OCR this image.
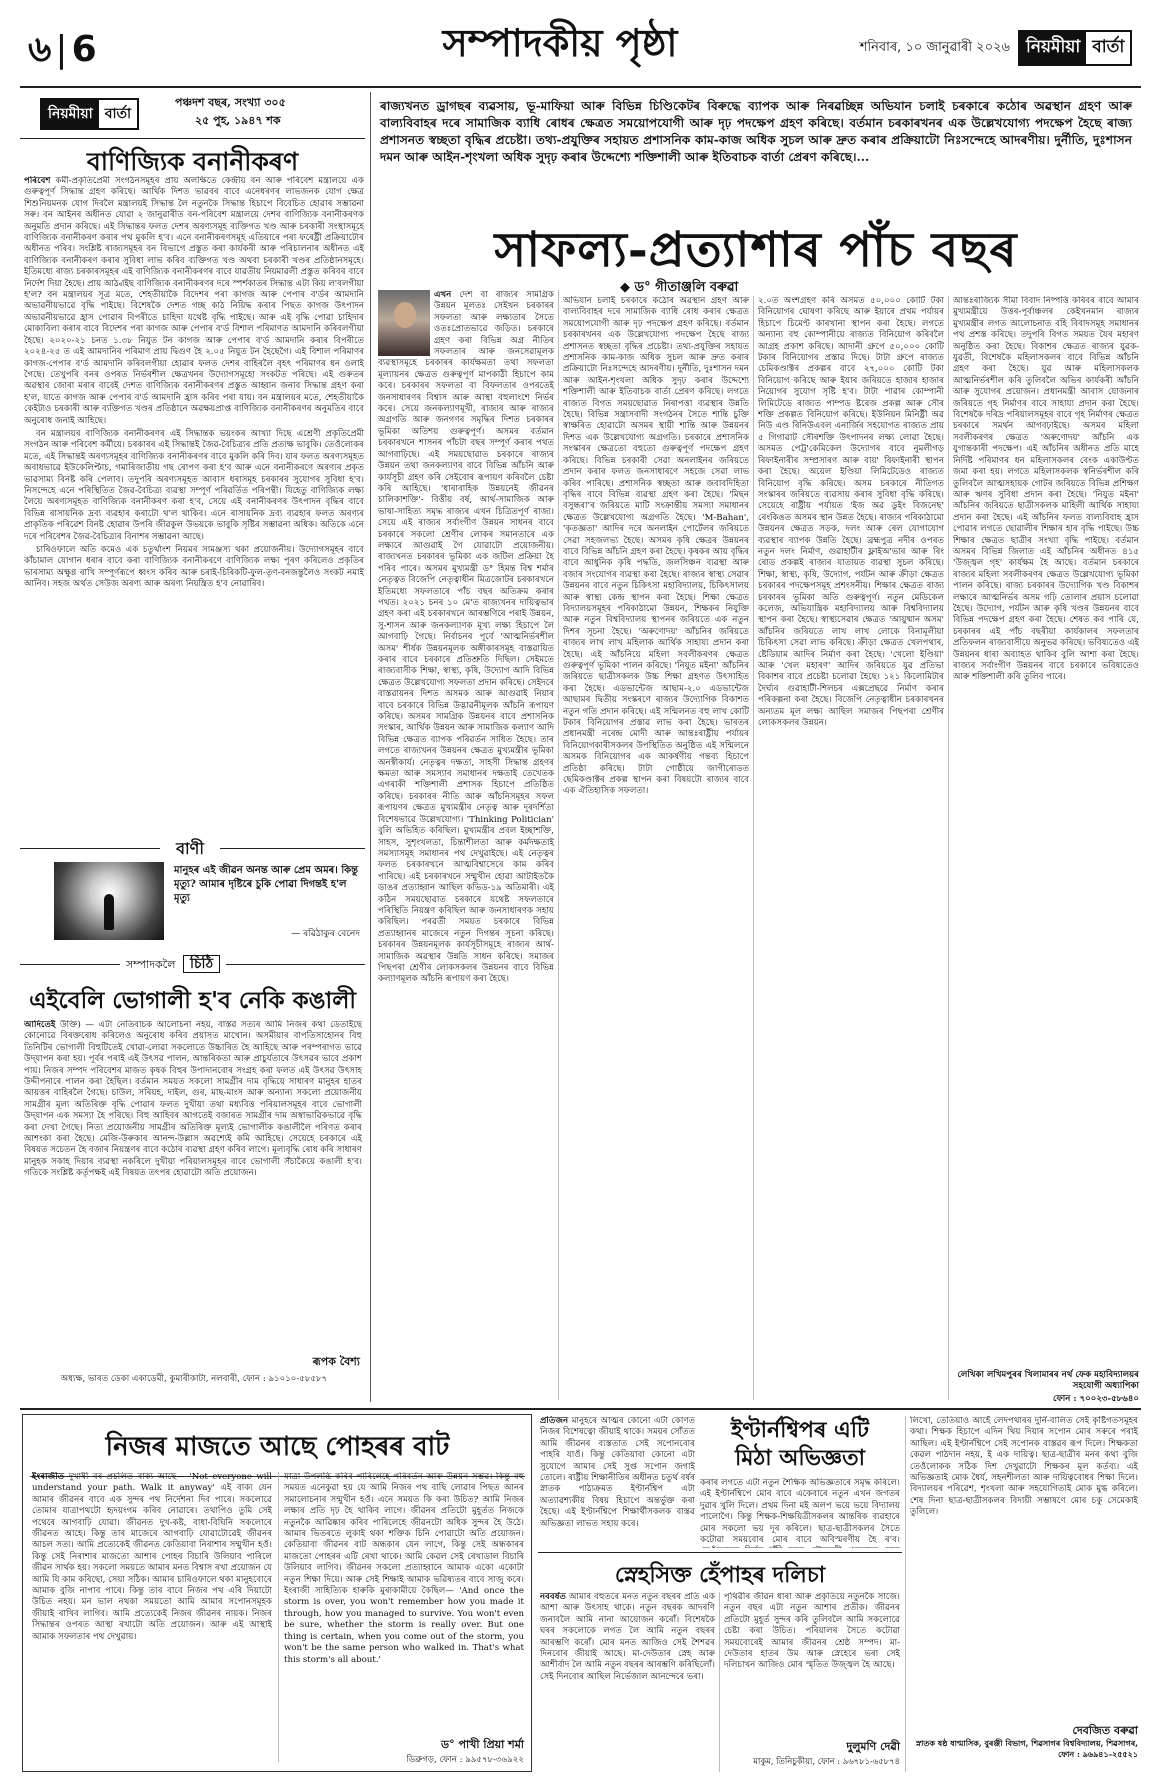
৬ | 6	সম্পাদকীয় পৃষ্ঠা	শনিবাৰ, ১০ জানুৱাৰী ২০২৬ নিয়মীয়া বাৰ্তা
নিয়মীয়া বাৰ্তা
পঞ্চদশ বছৰ, সংখ্যা ৩০৫
২৫ পুহ, ১৯৪৭ শক
বাণিজ্যিক বনানীকৰণ

পৰিবেশ কৰ্মী-প্ৰকৃতিপ্ৰেমী সংগঠনসমূহৰ প্ৰায় অলক্ষিতে কেন্দ্ৰীয় বন আৰু পৰিবেশ মন্ত্ৰালয়ে এক গুৰুত্বপূৰ্ণ সিদ্ধান্ত গ্ৰহণ কৰিছে। আৰ্থিক দিশত ভাৱবৰ বাবে এনেধৰণৰ লাভজনক যোগ ক্ষেত্ৰ শিশুনিয়মনক যোগ দিবলৈ মন্ত্ৰালয়ই সিদ্ধান্ত লৈ নতুনকৈ সিদ্ধান্ত হিচাপে বিবেচিত হোৱাৰ সম্ভাৱনা সৰু। বন আইনৰ অধীনত যোৱা ২ জানুৱাৰীত বন-পৰিবেশ মন্ত্ৰালয়ে দেশৰ বাণিজ্যিক বনানীকৰণক অনুমতি প্ৰদান কৰিছে। এই সিদ্ধান্তৰ ফলত দেশৰ অৰণ্যসমূহ ব্যক্তিগত খণ্ড আৰু চৰকাৰী সংস্থাসমূহে বাণিজ্যিক বনানীকৰণ কৰাৰ পথ মুকলি হ'ব। এনে বনানীকৰণসমূহ এতিয়াৰে পৰা ফৰেষ্ট্ৰী প্ৰক্ৰিয়াটোৰ অধীনত পৰিব। সংশ্লিষ্ট ৰাজ্যসমূহৰ বন বিভাগে প্ৰস্তুত কৰা কাৰ্যকৰী আৰু পৰিচালনাৰ অধীনত এই বাণিজ্যিক বনানীকৰণ কৰাৰ সুবিধা লাভ কৰিব ব্যক্তিগত খণ্ড অথবা চৰকাৰী খণ্ডৰ প্ৰতিষ্ঠানসমূহে। ইতিমধ্যে ৰাজ্য চৰকাৰসমূহৰ এই বাণিজ্যিক বনানীকৰণৰ বাবে যাৱতীয় নিয়মাৱলী প্ৰস্তুত কৰিবৰ বাবে নিৰ্দেশ দিয়া হৈছে। প্ৰায় আঠ্বাইছ বাণিজ্যিক বনানীকৰণৰ দৰে স্পৰ্শকাতৰ সিদ্ধান্ত এটা কিয় ল'বলগীয়া হ'ল? বন মন্ত্ৰালয়ৰ সূত্ৰ মতে, শেহতীয়াকৈ বিদেশৰ পৰা কাগজ আৰু পেপাৰ ব'ৰ্ডৰ আমদানি অভাৱনীয়ভাৱে বৃদ্ধি পাইছে। বিশেষকৈ দেশত গচ্ছ কাঠ নিয়িদ্ধ কৰাৰ পিছত কাগজ উৎপাদন অভাৱনীয়ভাৱে হ্ৰাস পোৱাৰ বিপৰীতে চাহিদা যথেষ্ট বৃদ্ধি পাইছে। আৰু এই বৃদ্ধি পোৱা চাহিদাৰ মোকাবিলা কৰাৰ বাবে বিদেশৰ পৰা কাগজ আৰু পেপাৰ ব'ৰ্ড বিশাল পৰিমাণত আমদানি কৰিবলগীয়া হৈছে। ২০২০-২১ চনত ১.৩৮ নিযুত টন কাগজ আৰু পেপাৰ ব'ৰ্ড আমদানি কৰাৰ বিপৰীতে ২০২৪-২৫ ত এই আমদানিৰ পৰিমাণ প্ৰায় দ্বিগুণ হৈ ২.০৫ নিযুত টন হৈছেগৈ। এই বিশাল পৰিমাণৰ কাগজ-পেপাৰ ব'ৰ্ড আমদানি কৰিবলগীয়া হোৱাৰ ফলত দেশৰ বাহিৰলৈ বৃহৎ পৰিমাণৰ ধন ওলাই গৈছে। তেখুপৰি বনৰ ওপৰত নিৰ্ভৰশীল ক্ষেত্ৰখনৰ উদ্যোগসমূহো সংকটত পৰিছে। এই গুৰুতৰ অৱস্থাৰ জোৰা মৰাৰ বাবেই দেশত বাণিজ্যিক বনানীকৰণৰ প্ৰস্তুত আহ্বান জনাব সিদ্ধান্ত গ্ৰহণ কৰা হ'ল, যাতে কাগজ আৰু পেপাৰ ব'ৰ্ড আমদানি হ্ৰাস কৰিব পৰা যায়। বন মন্ত্ৰালয়ৰ মতে, শেহতীয়াকৈ কেইটাও চৰকাৰী আৰু ব্যক্তিগত খণ্ডৰ প্ৰতিষ্ঠানে অৱক্ষয়প্ৰাপ্ত বাণিজ্যিক বনানীকৰণৰ অনুমতিৰ বাবে অনুৰোধ জনাই আহিছে।

বন মন্ত্ৰালয়ৰ বাণিজ্যিক বনানীকৰণৰ এই সিদ্ধান্তক ভয়ংকৰ আখ্যা দিছে এশ্ৰেণী প্ৰকৃতিপ্ৰেমী সংগঠন আৰু পৰিবেশ কৰ্মীয়ে। চৰকাৰৰ এই সিদ্ধান্তই জৈৱ-বৈচিত্ৰ্যৰ প্ৰতি প্ৰত্যক্ষ ভাবুকি। তেওঁলোকৰ মতে, এই সিদ্ধান্তই অৰণ্যসমূহৰ বাণিজ্যিক বনানীকৰণৰ বাবে মুকলি কৰি দিব। যাৰ ফলত অৰণ্যসমূহত অবাধভাৱে ইউকেলিপ্টাচ, গমাৰিজাতীয় গছ ৰোপণ কৰা হ'ব আৰু এনে বনানীকৰণে অৰণ্যৰ প্ৰকৃত ভাৱসাম্য বিনষ্ট কৰি পেলাব। তদুপৰি অৰণ্যসমূহত আবাস ধৰাসমূহ চৰকাৰৰ সুযোগৰ সুবিধা হ'ব। নিসন্দেহে এনে পৰিস্থিতিত জৈৱ-বৈচিত্ৰ্য ব্যৱস্থা সম্পূৰ্ণ পৰিৱৰ্তিত পৰিপন্থী। যিহেতু বাণিজ্যিক লক্ষ্য লৈয়ে অৰণ্যসমূহত বাণিজ্যিক বনানীকৰণ কৰা হ'ব, সেয়ে এই বনানীকৰণৰ উৎপাদন বৃদ্ধিৰ বাবে বিভিন্ন ৰাসায়নিক দ্ৰব্য ব্যৱহাৰ কৰাটো থ'ল থাকিব। এনে ৰাসায়নিক দ্ৰব্য ব্যৱহাৰ ফলত অৰণ্যৰ প্ৰাকৃতিক পৰিৱেশ বিনষ্ট হোৱাৰ উপৰি জীৱকুল উভয়কে ভাবুকি সৃষ্টিৰ সম্ভাৱনা অধিক। অতিকে এনে দৰে পৰিবেশৰ জৈৱ-বৈচিত্ৰ্যৰ বিনাশৰ সম্ভাৱনা আছে।

চাৰিওফালে অতি কমেও এক চতুৰ্থাংশ নিয়মৰ সামঞ্জস্য থকা প্ৰয়োজনীয়। উদ্যোগসমূহৰ বাবে কাঁচামাল যোগান ধৰাৰ বাবে কৰা বাণিজ্যিক বনানীকৰণে বাণিজ্যিক লক্ষ্য পূৰণ কৰিলেও প্ৰকৃতিৰ ভাৰসাম্য অক্ষুণ্ণ ৰাখি সম্পূৰ্ণৰূপে ধ্বংস কৰিব আৰু চৰাই-চিৰিকটি-ফুল-তৃণ-বনজন্তুলৈও সংকট নমাই আনিব। সহজ অৰ্থত সেউজ অৰণ্য আৰু অৰণ্য নিয়ন্ত্ৰিত হ'ব নোৱাৰিব।

বাণী
মানুহৰ এই জীৱন অনন্ত আৰু প্ৰেম অমৰ। কিন্তু মৃত্যু? আমাৰ দৃষ্টিৰে চুকি পোৱা দিগন্তই হ'ল মৃত্যু
— ৰৱিঠাকুৰ বেনেদ
সম্পাদকলৈ চিঠি
এইবেলি ভোগালী হ'ব নেকি কঙালী

আদিতেই উক্তি) — এটা নেতিবাচক আলোচনা নহয়, বাস্তৱ সত্যৰ আমি নিজৰ কথা ডেতাইছে কোনোৱে বিৰক্তৰোধ কৰিলেও অনুৰোধ কৰিব প্ৰয়াসত মাখোন। অসমীয়াৰ বাপতিসাহোনৰ বিহু তিনিটিৰ ভোগালী বিহুটিতেই খোৱা-লোৱা সকলোতে উচ্চাৰিত হৈ আহিছে আৰু পৰম্পৰাগত ভাৱে উদ্‌যাপন কৰা হয়। পূৰ্বৰ পৰাই এই উৎসৱ পালন, আন্তৰিকতা আৰু প্ৰাচুৰ্যতাৰে উৎসৱৰ ভাবে প্ৰকাশ পায়। নিজৰ সম্পদ পৰিবেশৰ মাজত কৃষক বিহুৰ উপাদানবোৰ সংগ্ৰহ কৰা ফলত এই উৎসৱ উৎসাহ উদ্দীপনাৰে পালন কৰা হৈছিল। বৰ্তমান সময়ত সকলো সামগ্ৰীৰ দাম বৃদ্ধিয়ে সাধাৰণ মানুহৰ হাতৰ আয়ত্তৰ বাহিৰলৈ গৈছে। চাউল, সৰিয়হ, দাইল, গুৰ, মাছ-মাংস আৰু অন্যান্য সকলো প্ৰয়োজনীয় সামগ্ৰীৰ মূল্য অতিৰিক্ত বৃদ্ধি পোৱাৰ ফলত দুখীয়া তথা মধ্যবিত্ত পৰিয়ালসমূহৰ বাবে ভোগালী উদ্‌যাপন এক সমস্যা হৈ পৰিছে। বিহু আহিবৰ আগতেই বজাৰত সামগ্ৰীৰ দাম অস্বাভাৱিকভাৱে বৃদ্ধি কৰা দেখা গৈছে। নিত্য প্ৰয়োজনীয় সামগ্ৰীৰ অতিৰিক্ত মূল্যই ভোগালীক কঙালীলৈ পৰিণত কৰাৰ আশংকা কৰা হৈছে। মেজি-উৰুকাৰ আনন্দ-উল্লাস অৱশ্যেই কমি আহিছে। সেয়েহে চৰকাৰে এই বিষয়ত সচেতন হৈ বজাৰ নিয়ন্ত্ৰণৰ বাবে কঠোৰ ব্যৱস্থা গ্ৰহণ কৰিব লাগে। মূল্যবৃদ্ধি ৰোধ কৰি সাধাৰণ মানুহক সকাহ দিয়াৰ ব্যৱস্থা নকৰিলে দুখীয়া পৰিয়ালসমূহৰ বাবে ভোগালী সঁচাকৈয়ে কঙালী হ'ব। গতিকে সংশ্লিষ্ট কৰ্তৃপক্ষই এই বিষয়ত তৎপৰ হোৱাটো অতি প্ৰয়োজন।

ৰূপক বৈশ্য
অধ্যক্ষ, ভাৰত ডেকা একাডেমী, কুমাৰীকাটা, নলবাৰী, ফোন : ৯১০১০-৫৮৫৮৭
ৰাজ্যখনত ড্ৰাগছৰ ব্যৱসায়, ভূ-মাফিয়া আৰু বিভিন্ন চিণ্ডিকেটৰ বিৰুদ্ধে ব্যাপক আৰু নিৰৱচ্ছিন্ন অভিযান চলাই চৰকাৰে কঠোৰ অৱস্থান গ্ৰহণ আৰু বাল্যবিবাহৰ দৰে সামাজিক ব্যাধি ৰোধৰ ক্ষেত্ৰত সময়োপযোগী আৰু দৃঢ় পদক্ষেপ গ্ৰহণ কৰিছে। বৰ্তমান চৰকাৰখনৰ এক উল্লেখযোগ্য পদক্ষেপ হৈছে ৰাজ্য প্ৰশাসনত স্বচ্ছতা বৃদ্ধিৰ প্ৰচেষ্টা। তথ্য-প্ৰযুক্তিৰ সহায়ত প্ৰশাসনিক কাম-কাজ অধিক সুচল আৰু দ্ৰুত কৰাৰ প্ৰক্ৰিয়াটো নিঃসন্দেহে আদৰণীয়। দুৰ্নীতি, দুঃশাসন দমন আৰু আইন-শৃংখলা অধিক সুদৃঢ় কৰাৰ উদ্দেশ্যে শক্তিশালী আৰু ইতিবাচক বাৰ্তা প্ৰেৰণ কৰিছে।...
সাফল্য-প্ৰত্যাশাৰ পাঁচ বছৰ
◆ ড° গীতাঞ্জলি বৰুৱা

এখন দেশ বা ৰাজ্যৰ সামগ্ৰিক উন্নয়ন মূলতঃ সেইখন চৰকাৰৰ সফলতা আৰু লক্ষ্যতাৰ সৈতে ওতঃপ্ৰোতভাৱে জড়িত। চৰকাৰে গ্ৰহণ কৰা বিভিন্ন অগ্ৰ নীতিৰ সফলতাৰ আৰু জনসেৱামূলক ব্যৱস্থাসমূহে চৰকাৰৰ কাৰ্যক্ষমতা তথা সফলতা মূল্যায়নৰ ক্ষেত্ৰত গুৰুত্বপূৰ্ণ মাপকাঠী হিচাপে কাম কৰে। চৰকাৰৰ সফলতা বা বিফলতাৰ ওপৰতেই জনসাধাৰণৰ বিশ্বাস আৰু আস্থা বহুলাংশে নিৰ্ভৰ কৰে। সেয়ে জনকল্যাণমূখী, ৰাজ্যৰ আৰু ৰাজ্যৰ অগ্ৰগতি আৰু জনগণৰ সমৃদ্ধিৰ দিশত চৰকাৰৰ ভূমিকা অতিশয় গুৰুত্বপূৰ্ণ। অসমৰ বৰ্তমান চৰকাৰখনে শাসনৰ পাঁচটা বছৰ সম্পূৰ্ণ কৰাৰ পথত আগবাঢ়িছে। এই সময়ছোৱাত চৰকাৰে ৰাজ্যৰ উন্নয়ন তথা জনকল্যাণৰ বাবে বিভিন্ন আঁচনি আৰু কাৰ্যসূচী গ্ৰহণ কৰি সেইবোৰ ৰূপায়ণ কৰিবলৈ চেষ্টা কৰি আহিছে। 'ধাৰাবাহিক উন্নয়নেই জীৱনৰ চালিকাশক্তি'- বিত্তীয় বৰ্ষ, আৰ্থ-সামাজিক আৰু ভাষা-সাহিত্য সমৃদ্ধ ৰাজ্যৰ এখন চিত্ৰিতপূৰ্ণ ৰাজ্য। সেয়ে এই ৰাজ্যৰ সৰ্বাংগীণ উন্নয়ন সাধনৰ বাবে চৰকাৰে সকলো শ্ৰেণীৰ লোকৰ সমানতাৰে এক লক্ষ্যৰে আগুৱাই গৈ যোৱাটো প্ৰয়োজনীয়। ৰাজ্যখনত চৰকাৰৰ ভূমিকা এক জটিল প্ৰক্ৰিয়া হৈ পৰিব পাৰে। অসমৰ মুখ্যমন্ত্ৰী ড° হিমন্ত বিশ্ব শৰ্মাৰ নেতৃত্বত বিজেপি নেতৃত্বাধীন মিত্ৰজোটৰ চৰকাৰখনে ইতিমধ্যে সফলতাৰে পাঁচ বছৰ অতিক্ৰম কৰাৰ পথত। ২০২১ চনৰ ১০ মে'ত ৰাজ্যখনৰ দায়িত্বভাৰ গ্ৰহণ কৰা এই চৰকাৰখনে আৰম্ভণিৰে পৰাই উন্নয়ন, সু-শাসন আৰু জনকল্যাণক মূখ্য লক্ষ্য হিচাপে লৈ আগবাঢ়ি গৈছে। নিৰ্বাচনৰ পূৰ্বে 'আত্মনিৰ্ভৰশীল অসম' শীৰ্ষক উন্নয়নমূলক অঙ্গীকাৰসমূহ বাস্তৱায়িত কৰাৰ বাবে চৰকাৰে প্ৰতিশ্ৰুতি দিছিল। সেইমতে ৰাজ্যবাসীক শিক্ষা, স্বাস্থ্য, কৃষি, উদ্যোগ আদি বিভিন্ন ক্ষেত্ৰত উল্লেখযোগ্য সফলতা প্ৰদান কৰিছে। সেইদৰে বাস্তৱায়নৰ দিশত অসমক আৰু আগুৱাই নিয়াৰ বাবে চৰকাৰে বিভিন্ন উদ্ভাৱনীমূলক আঁচনি ৰূপায়ণ কৰিছে। অসমৰ সামগ্ৰিক উন্নয়নৰ বাবে প্ৰশাসনিক সংস্কাৰ, আৰ্থিক উন্নয়ন আৰু সামাজিক কল্যাণ আদি বিভিন্ন ক্ষেত্ৰত ব্যাপক পৰিৱৰ্তন সাধিত হৈছে। তাৰ লগতে ৰাজ্যখনৰ উন্নয়নৰ ক্ষেত্ৰত মুখ্যমন্ত্ৰীৰ ভূমিকা অনস্বীকাৰ্য। নেতৃত্বৰ দক্ষতা, সাহসী সিদ্ধান্ত গ্ৰহণৰ ক্ষমতা আৰু সমস্যাৰ সমাধানৰ দক্ষতাই তেখেতক এগৰাকী শক্তিশালী প্ৰশাসক হিচাপে প্ৰতিষ্ঠিত কৰিছে। চৰকাৰৰ নীতি আৰু আঁচনিসমূহৰ সফল ৰূপায়ণৰ ক্ষেত্ৰত মুখ্যমন্ত্ৰীৰ নেতৃত্ব আৰু দূৰদৰ্শিতা বিশেষভাৱে উল্লেখযোগ্য। 'Thinking Politician' বুলি অভিহিত কৰিছিল। মুখ্যমন্ত্ৰীৰ প্ৰবল ইচ্ছাশক্তি, সাহস, সুশৃংখলতা, চিন্তাশীলতা আৰু কৰ্মদক্ষতাই সমস্যাসমূহ সমাধানৰ পথ দেখুৱাইছে। এই নেতৃত্বৰ ফলত চৰকাৰখনে আত্মবিশ্বাসেৰে কাম কৰিব পাৰিছে। এই চৰকাৰখনে সন্মুখীন হোৱা আটাইতকৈ ডাঙৰ প্ৰত্যাহ্বান আছিল কভিড-১৯ অতিমাৰী। এই কঠিন সময়ছোৱাত চৰকাৰে যথেষ্ট সফলতাৰে পৰিস্থিতি নিয়ন্ত্ৰণ কৰিছিল আৰু জনসাধাৰণক সহায় কৰিছিল। পৰৱৰ্তী সময়ত চৰকাৰে বিভিন্ন প্ৰত্যাহ্বানৰ মাজেৰে নতুন দিগন্তৰ সূচনা কৰিছে। চৰকাৰৰ উন্নয়নমূলক কাৰ্যসূচীসমূহে ৰাজ্যৰ আৰ্থ-সামাজিক অৱস্থাৰ উন্নতি সাধন কৰিছে। সমাজৰ পিছপৰা শ্ৰেণীৰ লোকসকলৰ উন্নয়নৰ বাবে বিভিন্ন কল্যাণমূলক আঁচনি ৰূপায়ণ কৰা হৈছে।

অভিযান চলাই চৰকাৰে কঠোৰ অৱস্থান গ্ৰহণ আৰু বাল্যবিবাহৰ দৰে সামাজিক ব্যাধি ৰোধ কৰাৰ ক্ষেত্ৰত সময়োপযোগী আৰু দৃঢ় পদক্ষেপ গ্ৰহণ কৰিছে। বৰ্তমান চৰকাৰখনৰ এক উল্লেখযোগ্য পদক্ষেপ হৈছে ৰাজ্য প্ৰশাসনত স্বচ্ছতা বৃদ্ধিৰ প্ৰচেষ্টা। তথ্য-প্ৰযুক্তিৰ সহায়ত প্ৰশাসনিক কাম-কাজ অধিক সুচল আৰু দ্ৰুত কৰাৰ প্ৰক্ৰিয়াটো নিঃসন্দেহে আদৰণীয়। দুৰ্নীতি, দুঃশাসন দমন আৰু আইন-শৃংখলা অধিক সুদৃঢ় কৰাৰ উদ্দেশ্যে শক্তিশালী আৰু ইতিবাচক বাৰ্তা প্ৰেৰণ কৰিছে। লগতে ৰাজ্যত বিগত সময়ছোৱাত নিৰাপত্তা ব্যৱস্থাৰ উন্নতি হৈছে। বিভিন্ন সন্ত্ৰাসবাদী সংগঠনৰ সৈতে শান্তি চুক্তি স্বাক্ষৰিত হোৱাটো অসমৰ স্থায়ী শান্তি আৰু উন্নয়নৰ দিশত এক উল্লেখযোগ্য অগ্ৰগতি। চৰকাৰে প্ৰশাসনিক সংস্কাৰৰ ক্ষেত্ৰতো বহুতো গুৰুত্বপূৰ্ণ পদক্ষেপ গ্ৰহণ কৰিছে। বিভিন্ন চৰকাৰী সেৱা অনলাইনৰ জৰিয়তে প্ৰদান কৰাৰ ফলত জনসাধাৰণে সহজে সেৱা লাভ কৰিব পাৰিছে। প্ৰশাসনিক স্বচ্ছতা আৰু জবাবদিহিতা বৃদ্ধিৰ বাবে বিভিন্ন ব্যৱস্থা গ্ৰহণ কৰা হৈছে। 'মিছন বসুন্ধৰা'ৰ জৰিয়তে মাটি সংক্ৰান্তীয় সমস্যা সমাধানৰ ক্ষেত্ৰত উল্লেখযোগ্য অগ্ৰগতি হৈছে। 'M-Bahan', 'কৃতজ্ঞতা' আদিৰ দৰে অনলাইন পোৰ্টেলৰ জৰিয়তে সেৱা সহজলভ্য হৈছে। অসমৰ কৃষি ক্ষেত্ৰৰ উন্নয়নৰ বাবে বিভিন্ন আঁচনি গ্ৰহণ কৰা হৈছে। কৃষকৰ আয় বৃদ্ধিৰ বাবে আধুনিক কৃষি পদ্ধতি, জলসিঞ্চন ব্যৱস্থা আৰু বজাৰ সংযোগৰ ব্যৱস্থা কৰা হৈছে। ৰাজ্যৰ স্বাস্থ্য সেৱাৰ উন্নয়নৰ বাবে নতুন চিকিৎসা মহাবিদ্যালয়, চিকিৎসালয় আৰু স্বাস্থ্য কেন্দ্ৰ স্থাপন কৰা হৈছে। শিক্ষা ক্ষেত্ৰত বিদ্যালয়সমূহৰ পৰিকাঠামো উন্নয়ন, শিক্ষকৰ নিযুক্তি আৰু নতুন বিশ্ববিদ্যালয় স্থাপনৰ জৰিয়তে এক নতুন দিশৰ সূচনা হৈছে। 'অৰুণোদয়' আঁচনিৰ জৰিয়তে ৰাজ্যৰ লাখ লাখ মহিলাক আৰ্থিক সাহায্য প্ৰদান কৰা হৈছে। এই আঁচনিয়ে মহিলা সবলীকৰণৰ ক্ষেত্ৰত গুৰুত্বপূৰ্ণ ভূমিকা পালন কৰিছে। 'নিযুত মইনা' আঁচনিৰ জৰিয়তে ছাত্ৰীসকলক উচ্চ শিক্ষা গ্ৰহণত উৎসাহিত কৰা হৈছে। এডভান্টেজ আছাম-২.০ এডভান্টেজ আছামৰ দ্বিতীয় সংস্কৰণে ৰাজ্যৰ উদ্যোগিক বিকাশত নতুন গতি প্ৰদান কৰিছে। এই সন্মিলনত বহু লাখ কোটি টকাৰ বিনিয়োগৰ প্ৰস্তাৱ লাভ কৰা হৈছে। ভাৰতৰ প্ৰধানমন্ত্ৰী নৰেন্দ্ৰ মোদী আৰু আন্তঃৰাষ্ট্ৰীয় পৰ্যায়ৰ বিনিয়োগকাৰীসকলৰ উপস্থিতিত অনুষ্ঠিত এই সন্মিলনে অসমক বিনিয়োগৰ এক আকৰ্ষণীয় গন্তব্য হিচাপে প্ৰতিষ্ঠা কৰিছে। টাটা গোষ্ঠীয়ে জাগীৰোডত ছেমিকণ্ডাক্টৰ প্ৰকল্প স্থাপন কৰা বিষয়টো ৰাজ্যৰ বাবে এক ঐতিহাসিক সফলতা।
২.০ত অংশগ্ৰহণ কৰি অসমত ৫০,০০০ কোটি টকা বিনিয়োগৰ ঘোষণা কৰিছে আৰু ইয়াৰে প্ৰথম পৰ্যায়ৰ হিচাপে চিমেণ্ট কাৰখানা স্থাপন কৰা হৈছে। লগতে অন্যান্য বহু কোম্পানীয়ে ৰাজ্যত বিনিয়োগ কৰিবলৈ আগ্ৰহ প্ৰকাশ কৰিছে। আদানী গ্ৰুপে ৫০,০০০ কোটি টকাৰ বিনিয়োগৰ প্ৰস্তাৱ দিছে। টাটা গ্ৰুপে ৰাজ্যত চেমিকণ্ডাক্টৰ প্ৰকল্পৰ বাবে ২৭,০০০ কোটি টকা বিনিয়োগ কৰিছে আৰু ইয়াৰ জৰিয়তে হাজাৰ হাজাৰ নিয়োগৰ সুযোগ সৃষ্টি হ'ব। টাটা পাৱাৰ কোম্পানী লিমিটেডে ৰাজ্যত পাম্পড ষ্টৰেজ প্ৰকল্প আৰু সৌৰ শক্তি প্ৰকল্পত বিনিয়োগ কৰিছে। ইউনিয়ন মিনিষ্ট্ৰী অৱ নিউ এণ্ড ৰিনিউএবল এনাৰ্জিৰ সহযোগত ৰাজ্যত প্ৰায় ৫ গিগাৱাট সৌৰশক্তি উৎপাদনৰ লক্ষ্য লোৱা হৈছে। অসমত পেট্ৰ'কেমিকেল উদ্যোগৰ বাবে নুমলীগড় ৰিফাইনাৰীৰ সম্প্ৰসাৰণ আৰু বায়' ৰিফাইনাৰী স্থাপন কৰা হৈছে। অয়েল ইণ্ডিয়া লিমিটেডেও ৰাজ্যত বিনিয়োগ বৃদ্ধি কৰিছে। অসম চৰকাৰে নীতিগত সংস্কাৰৰ জৰিয়তে ব্যৱসায় কৰাৰ সুবিধা বৃদ্ধি কৰিছে। সেয়েহে ৰাষ্ট্ৰীয় পৰ্যায়ত 'ইজ অৱ ডুইং বিজনেছ' ৰেংকিঙত অসমৰ স্থান উন্নত হৈছে। ৰাজ্যৰ পৰিকাঠামো উন্নয়নৰ ক্ষেত্ৰত সড়ক, দলং আৰু ৰেল যোগাযোগ ব্যৱস্থাৰ ব্যাপক উন্নতি হৈছে। ব্ৰহ্মপুত্ৰ নদীৰ ওপৰত নতুন দলং নিৰ্মাণ, গুৱাহাটীৰ ফ্লাইঅ'ভাৰ আৰু ৰিং ৰোড প্ৰকল্পই ৰাজ্যৰ যাতায়ত ব্যৱস্থা সুচল কৰিছে। শিক্ষা, স্বাস্থ্য, কৃষি, উদ্যোগ, পৰ্যটন আৰু ক্ৰীড়া ক্ষেত্ৰত চৰকাৰৰ পদক্ষেপসমূহ প্ৰশংসনীয়। শিক্ষাৰ ক্ষেত্ৰত ৰাজ্য চৰকাৰৰ ভূমিকা অতি গুৰুত্বপূৰ্ণ। নতুন মেডিকেল কলেজ, অভিযান্ত্ৰিক মহাবিদ্যালয় আৰু বিশ্ববিদ্যালয় স্থাপন কৰা হৈছে। স্বাস্থ্যসেৱাৰ ক্ষেত্ৰত 'আয়ুষ্মান অসম' আঁচনিৰ জৰিয়তে লাখ লাখ লোকে বিনামূলীয়া চিকিৎসা সেৱা লাভ কৰিছে। ক্ৰীড়া ক্ষেত্ৰত খেলপথাৰ, ষ্টেডিয়াম আদিৰ নিৰ্মাণ কৰা হৈছে। 'খেলো ইণ্ডিয়া' আৰু 'খেল মহাৰণ' আদিৰ জৰিয়তে যুৱ প্ৰতিভা বিকাশৰ বাবে প্ৰচেষ্টা চলোৱা হৈছে। ১২১ কিলোমিটাৰ দৈৰ্ঘ্যৰ গুৱাহাটী-শিলচৰ এক্সপ্ৰেছৱে নিৰ্মাণ কৰাৰ পৰিকল্পনা কৰা হৈছে। বিজেপি নেতৃত্বাধীন চৰকাৰখনৰ অন্যতম মূল লক্ষ্য আছিল সমাজৰ পিছপৰা শ্ৰেণীৰ লোকসকলৰ উন্নয়ন।
আন্তঃৰাজ্যিক সীমা বিবাদ নিষ্পত্তি কৰিবৰ বাবে আমাৰ মুখ্যমন্ত্ৰীয়ে উত্তৰ-পূৰ্বাঞ্চলৰ কেইখনমান ৰাজ্যৰ মুখ্যমন্ত্ৰীৰ লগত আলোচনাত বহি বিবাদসমূহ সমাধানৰ পথ প্ৰশস্ত কৰিছে। তদুপৰি বিগত সময়ত যৈৰ মহাৰণ অনুষ্ঠিত কৰা হৈছে। বিকাশৰ ক্ষেত্ৰত ৰাজ্যৰ যুৱক-যুৱতী, বিশেষকৈ মহিলাসকলৰ বাবে বিভিন্ন আঁচনি গ্ৰহণ কৰা হৈছে। যুৱ আৰু মহিলাসকলক আত্মনিৰ্ভৰশীল কৰি তুলিবলৈ অভিৰ কাৰ্যকৰী আঁচনি আৰু সুযোগৰ প্ৰয়োজন। প্ৰধানমন্ত্ৰী আবাস যোজনাৰ জৰিয়তে গৃহ নিৰ্মাণৰ বাবে সাহায্য প্ৰদান কৰা হৈছে। বিশেষকৈ দৰিদ্ৰ পৰিয়ালসমূহৰ বাবে গৃহ নিৰ্মাণৰ ক্ষেত্ৰত চৰকাৰে সমৰ্থন আগবঢ়াইছে। অসমৰ মহিলা সবলীকৰণৰ ক্ষেত্ৰত 'অৰুণোদয়' আঁচনি এক যুগান্তকাৰী পদক্ষেপ। এই আঁচনিৰ অধীনত প্ৰতি মাহে নিৰ্দিষ্ট পৰিমাণৰ ধন মহিলাসকলৰ বেংক একাউণ্টত জমা কৰা হয়। লগতে মহিলাসকলক স্বনিৰ্ভৰশীল কৰি তুলিবলৈ আত্মসহায়ক গোটৰ জৰিয়তে বিভিন্ন প্ৰশিক্ষণ আৰু ঋণৰ সুবিধা প্ৰদান কৰা হৈছে। 'নিযুত মইনা' আঁচনিৰ জৰিয়তে ছাত্ৰীসকলক মাহিলী আৰ্থিক সাহায্য প্ৰদান কৰা হৈছে। এই আঁচনিৰ ফলত বাল্যবিবাহ হ্ৰাস পোৱাৰ লগতে ছোৱালীৰ শিক্ষাৰ হাৰ বৃদ্ধি পাইছে। উচ্চ শিক্ষাৰ ক্ষেত্ৰত ছাত্ৰীৰ সংখ্যা বৃদ্ধি পাইছে। বৰ্তমান অসমৰ বিভিন্ন জিলাত এই আঁচনিৰ অধীনত ৪১৫ 'উজ্জ্বল গৃহ' কাৰ্যক্ষম হৈ আছে। বৰ্তমান চৰকাৰে ৰাজ্যৰ মহিলা সবলীকৰণৰ ক্ষেত্ৰত উল্লেখযোগ্য ভূমিকা পালন কৰিছে। ৰাজ্য চৰকাৰৰ উদ্যোগিক খণ্ড বিকাশৰ লক্ষ্যৰে আত্মনিৰ্ভৰ অসম গঢ়ি তোলাৰ প্ৰয়াস চলোৱা হৈছে। উদ্যোগ, পৰ্যটন আৰু কৃষি খণ্ডৰ উন্নয়নৰ বাবে বিভিন্ন পদক্ষেপ গ্ৰহণ কৰা হৈছে। শেষত কব পাৰি যে, চৰকাৰৰ এই পাঁচ বছৰীয়া কাৰ্যকালৰ সফলতাৰ প্ৰতিফলন ৰাজ্যবাসীয়ে অনুভৱ কৰিছে। ভবিষ্যতেও এই উন্নয়নৰ ধাৰা অব্যাহত থাকিব বুলি আশা কৰা হৈছে। ৰাজ্যৰ সৰ্বাংগীণ উন্নয়নৰ বাবে চৰকাৰে ভবিষ্যতেও আৰু শক্তিশালী কৰি তুলিব পাৰে।
লেখিকা লখিমপুৰৰ খিলামাৰৰ নৰ্থ ফেক মহাবিদ্যালয়ৰ সহযোগী অধ্যাপিকা
ফোন : ৭০০২৩-৫৮৬৪০
নিজৰ মাজতে আছে পোহৰৰ বাট

ইংৰাজীত দুখাষী বৰ প্ৰচলিত বাক্য আছে— 'Not everyone will understand your path. Walk it anyway' এই বাক্য যেন আমাৰ জীৱনৰ বাবে এক সুন্দৰ পথ নিৰ্দেশনা দিব পাৰে। সকলোৱে তোমাৰ যাত্ৰাপথটো হৃদয়ংগম কৰিব নোৱাৰে। তথাপিও তুমি সেই পথেৰে আগবাঢ়ি যোৱা। জীৱনত দুখ-কষ্ট, বাধা-বিঘিনি সকলোৰে জীৱনত আহে। কিন্তু তাৰ মাজেৰে আগবাঢ়ি যোৱাটোৱেই জীৱনৰ আচল সত্য। আমি প্ৰত্যেকেই জীৱনত কেতিয়াবা নিৰাশাৰ সন্মুখীন হওঁ। কিন্তু সেই নিৰাশাৰ মাজতো আশাৰ পোহৰ বিচাৰি উলিয়াব পাৰিলে জীৱন সাৰ্থক হয়। সকলো সময়তে আমাৰ মনত বিশ্বাস ৰখা প্ৰয়োজন যে আমি যি কাম কৰিছো, সেয়া সঠিক। আমাৰ চাৰিওফালে থকা মানুহবোৰে আমাক বুজি নাপাব পাৰে। কিন্তু তাৰ বাবে নিজৰ পথ এৰি দিয়াটো উচিত নহয়। মন ভাল নথকা সময়তো আমি আমাৰ সপোনসমূহক জীয়াই ৰাখিব লাগিব। আমি প্ৰত্যেকেই নিজৰ জীৱনৰ নায়ক। নিজৰ সিদ্ধান্তৰ ওপৰত আস্থা ৰখাটো অতি প্ৰয়োজন। আৰু এই আস্থাই আমাক সফলতাৰ পথ দেখুৱায়।

যাত্ৰা উপলব্ধি কৰিব পাৰিলেহে পৰিবৰ্তন আৰু উন্নয়ন সম্ভৱ। কিন্তু বহু সময়ত এনেকুৱা হয় যে আমি নিজৰ পথ বাছি লোৱাৰ পিছত আনৰ সমালোচনাৰ সন্মুখীন হওঁ। এনে সময়ত কি কৰা উচিত? আমি নিজৰ লক্ষ্যৰ প্ৰতি দৃঢ় হৈ থাকিব লাগে। জীৱনৰ প্ৰতিটো মুহূৰ্তত নিজকে নতুনকৈ আৱিষ্কাৰ কৰিব পাৰিলেহে জীৱনটো অধিক সুন্দৰ হৈ উঠে। আমাৰ ভিতৰতে লুকাই থকা শক্তিক চিনি পোৱাটো অতি প্ৰয়োজন। কেতিয়াবা জীৱনৰ বাট অন্ধকাৰ যেন লাগে, কিন্তু সেই অন্ধকাৰৰ মাজতো পোহৰৰ এটি ৰেখা থাকে। আমি কেৱল সেই ৰেখাডাল বিচাৰি উলিয়াব লাগিব। জীৱনৰ সকলো প্ৰত্যাহ্বানে আমাক একো একোটা নতুন শিক্ষা দিয়ে। আৰু সেই শিক্ষাই আমাক ভৱিষ্যতৰ বাবে সাজু কৰে। ইংৰাজী সাহিত্যিক হাৰুকি মুৰাকামীয়ে কৈছিল— 'And once the storm is over, you won't remember how you made it through, how you managed to survive. You won't even be sure, whether the storm is really over. But one thing is certain, when you come out of the storm, you won't be the same person who walked in. That's what this storm's all about.'
ড° পাখী প্ৰিয়া শৰ্মা
ডিব্ৰুগড়, ফোন : ৯৯৫৭৮-৩৬৯২২

প্ৰতিজন মানুহৰে আত্মৰ কোনো এটা কোণত নিজৰ বিশেষত্বো জীয়াই থাকে। সময়ৰ সোঁতত আমি জীৱনৰ ব্যস্ততাত সেই সপোনবোৰ পাহৰি যাওঁ। কিন্তু কেতিয়াবা কোনো এটা সুযোগে আমাৰ সেই সুপ্ত সপোন জগাই তোলে। ৰাষ্ট্ৰীয় শিক্ষানীতিৰ অধীনত চতুৰ্থ বৰ্ষৰ স্নাতক পাঠ্যক্ৰমত ইণ্টাৰ্নশ্বিপ এটা অত্যাৱশ্যকীয় বিষয় হিচাপে অন্তৰ্ভুক্ত কৰা হৈছে। এই ইণ্টাৰ্নশ্বিপে শিক্ষাৰ্থীসকলক বাস্তৱ অভিজ্ঞতা লাভত সহায় কৰে।

ইণ্টাৰ্নশ্বিপৰ এটি
মিঠা অভিজ্ঞতা
কৰাৰ লগতে এটা নতুন শৈক্ষিক অভিজ্ঞতাৰে সমৃদ্ধ কৰিলে। এই ইণ্টাৰ্নশ্বিপে মোৰ বাবে একেবাৰে নতুন এখন জগতৰ দুৱাৰ খুলি দিলে। প্ৰথম দিনা মই অলপ ভয়ে ভয়ে বিদ্যালয় পালোগৈ। কিন্তু শিক্ষক-শিক্ষয়িত্ৰীসকলৰ আন্তৰিক ব্যৱহাৰে মোৰ সকলো ভয় দূৰ কৰিলে। ছাত্ৰ-ছাত্ৰীসকলৰ সৈতে কটোৱা সময়বোৰ মোৰ বাবে অবিস্মৰণীয় হৈ ৰ'ব।
লিখো, তেতিয়াও আহেঁ লেদপথাৰৰ দুৰ্নি-বালিত সেই কৃষ্টিগতসমূহৰ কথা। শিক্ষক হিচাপে এদিন থিয় দিয়াৰ সপোন মোৰ সৰুৰে পৰাই আছিল। এই ইণ্টাৰ্নশ্বিপে সেই সপোনক বাস্তৱৰ ৰূপ দিলে। শিক্ষকতা কেৱল পাঠদান নহয়, ই এক দায়িত্ব। ছাত্ৰ-ছাত্ৰীৰ মনৰ কথা বুজি তেওঁলোকক সঠিক দিশ দেখুৱাটো শিক্ষকৰ মূল কৰ্তব্য। এই অভিজ্ঞতাই মোক ধৈৰ্য, সহনশীলতা আৰু দায়িত্ববোধৰ শিক্ষা দিলে। বিদ্যালয়ৰ পৰিৱেশ, শৃংখলা আৰু সহযোগিতাই মোক মুগ্ধ কৰিলে। শেষ দিনা ছাত্ৰ-ছাত্ৰীসকলৰ বিদায়ী সম্ভাষণে মোৰ চকু সেমেকাই তুলিলে।
দেবজিত বৰুৱা
স্নাতক ষষ্ঠ ষাণ্মাসিক, বুৰঞ্জী বিভাগ, শিৱসাগৰ বিশ্ববিদ্যালয়, শিৱসাগৰ, ফোন : ৯৬৯৪১-২৫৫২১
স্নেহসিক্ত হেঁপাহৰ দলিচা

নববৰ্ষত আমাৰ বহুতৰে মনত নতুন বছৰৰ প্ৰতি এক আশা আৰু উৎসাহ থাকে। নতুন বছৰক আদৰণি জনাবলৈ আমি নানা আয়োজন কৰোঁ। বিশেষকৈ ঘৰৰ সকলোকে লগত লৈ আমি নতুন বছৰৰ আৰম্ভণি কৰোঁ। মোৰ মনত আজিও সেই শৈশৱৰ দিনবোৰ জীয়াই আছে। মা-দেউতাৰ স্নেহ আৰু আশীৰ্বাদ লৈ আমি নতুন বছৰৰ আৰম্ভণি কৰিছিলোঁ। সেই দিনবোৰ আছিল নিৰ্ভেজাল আনন্দেৰে ভৰা।

পৃথিৱীৰ জীৱন ধাৰা আৰু প্ৰকৃতিয়ে নতুনকৈ সাজে। নতুন বছৰ এটা নতুন আশাৰ প্ৰতীক। জীৱনৰ প্ৰতিটো মুহূৰ্ত সুন্দৰ কৰি তুলিবলৈ আমি সকলোৱে চেষ্টা কৰা উচিত। পৰিয়ালৰ সৈতে কটোৱা সময়বোৰেই আমাৰ জীৱনৰ শ্ৰেষ্ঠ সম্পদ। মা-দেউতাৰ হাতৰ উম আৰু স্নেহেৰে ভৰা সেই দলিচাখন আজিও মোৰ স্মৃতিত উজ্জ্বল হৈ আছে।
দুলুমণি দেৱী
মাকুম, তিনিচুকীয়া, ফোন : ৯৬৭৮১-৬৫৮৭৪
